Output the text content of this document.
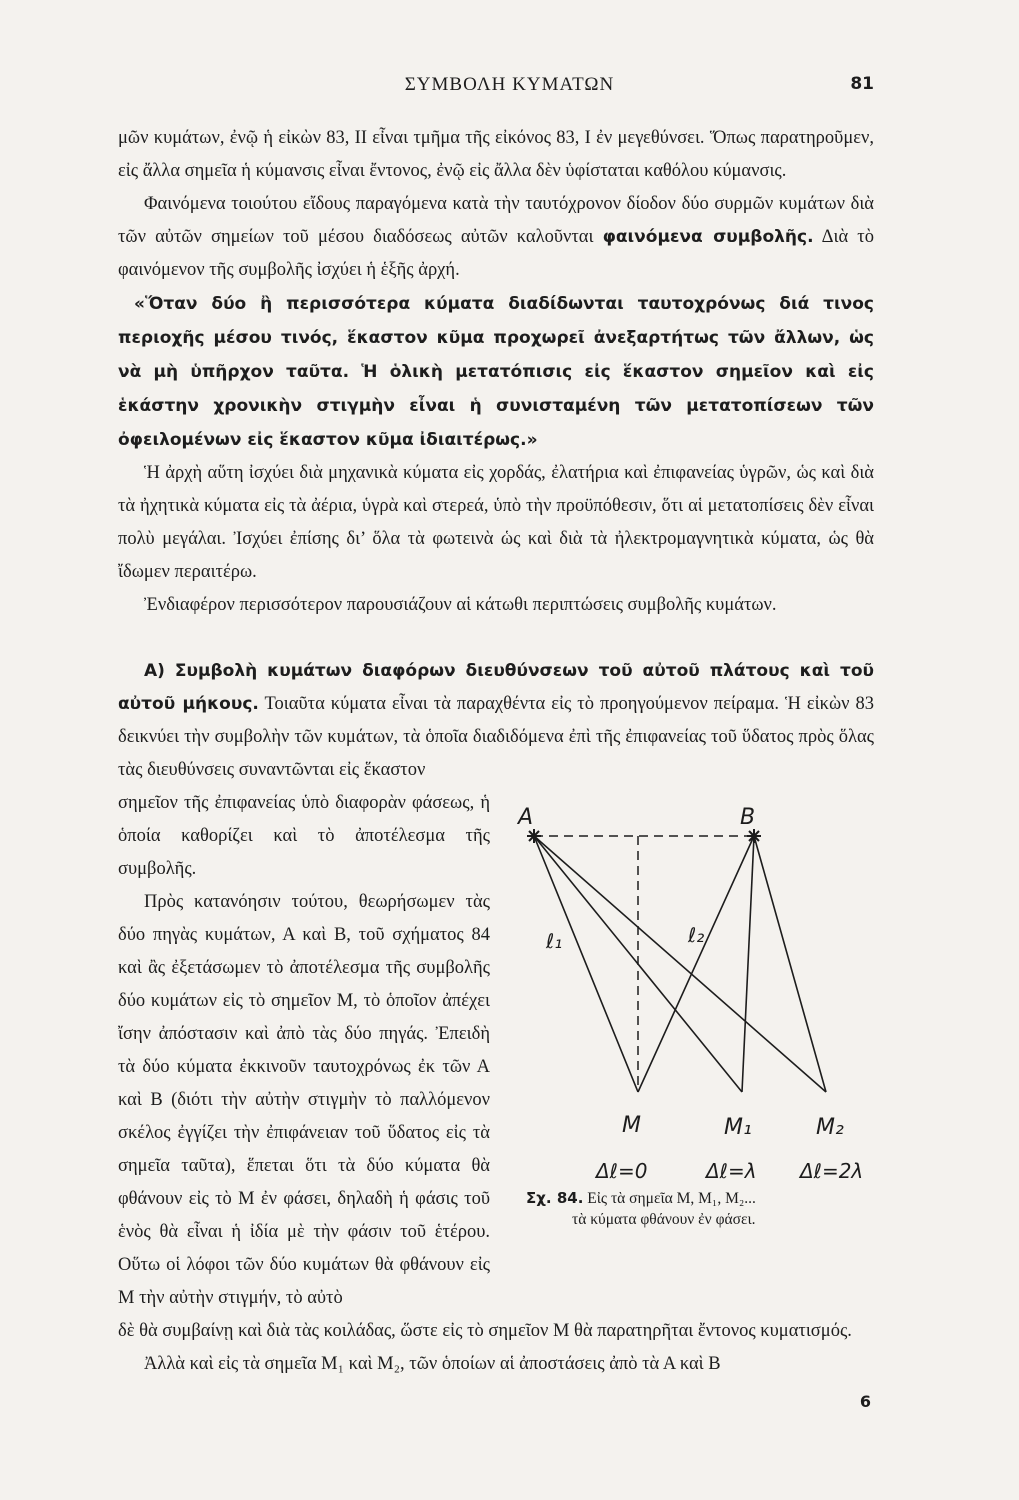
ΣΥΜΒΟΛΗ ΚΥΜΑΤΩΝ	81

μῶν κυμάτων, ἐνῷ ἡ εἰκὼν 83, ΙΙ εἶναι τμῆμα τῆς εἰκόνος 83, Ι ἐν μεγεθύνσει. Ὅπως παρατηροῦμεν, εἰς ἄλλα σημεῖα ἡ κύμανσις εἶναι ἔντονος, ἐνῷ εἰς ἄλλα δὲν ὑφίσταται καθόλου κύμανσις.

Φαινόμενα τοιούτου εἴδους παραγόμενα κατὰ τὴν ταυτόχρονον δίοδον δύο συρμῶν κυμάτων διὰ τῶν αὐτῶν σημείων τοῦ μέσου διαδόσεως αὐτῶν καλοῦνται φαινόμενα συμβολῆς. Διὰ τὸ φαινόμενον τῆς συμβολῆς ἰσχύει ἡ ἑξῆς ἀρχή.

«Ὅταν δύο ἢ περισσότερα κύματα διαδίδωνται ταυτοχρόνως διά τινος περιοχῆς μέσου τινός, ἕκαστον κῦμα προχωρεῖ ἀνεξαρτήτως τῶν ἄλλων, ὡς νὰ μὴ ὑπῆρχον ταῦτα. Ἡ ὁλικὴ μετατόπισις εἰς ἕκαστον σημεῖον καὶ εἰς ἑκάστην χρονικὴν στιγμὴν εἶναι ἡ συνισταμένη τῶν μετατοπίσεων τῶν ὀφειλομένων εἰς ἕκαστον κῦμα ἰδιαιτέρως.»

Ἡ ἀρχὴ αὕτη ἰσχύει διὰ μηχανικὰ κύματα εἰς χορδάς, ἐλατήρια καὶ ἐπιφανείας ὑγρῶν, ὡς καὶ διὰ τὰ ἠχητικὰ κύματα εἰς τὰ ἀέρια, ὑγρὰ καὶ στερεά, ὑπὸ τὴν προϋπόθεσιν, ὅτι αἱ μετατοπίσεις δὲν εἶναι πολὺ μεγάλαι. Ἰσχύει ἐπίσης δι’ ὅλα τὰ φωτεινὰ ὡς καὶ διὰ τὰ ἠλεκτρομαγνητικὰ κύματα, ὡς θὰ ἴδωμεν περαιτέρω.

Ἐνδιαφέρον περισσότερον παρουσιάζουν αἱ κάτωθι περιπτώσεις συμβολῆς κυμάτων.

Α) Συμβολὴ κυμάτων διαφόρων διευθύνσεων τοῦ αὐτοῦ πλάτους καὶ τοῦ αὐτοῦ μήκους. Τοιαῦτα κύματα εἶναι τὰ παραχθέντα εἰς τὸ προηγούμενον πείραμα. Ἡ εἰκὼν 83 δεικνύει τὴν συμβολὴν τῶν κυμάτων, τὰ ὁποῖα διαδιδόμενα ἐπὶ τῆς ἐπιφανείας τοῦ ὕδατος πρὸς ὅλας τὰς διευθύνσεις συναντῶνται εἰς ἕκαστον

σημεῖον τῆς ἐπιφανείας ὑπὸ διαφορὰν φάσεως, ἡ ὁποία καθορίζει καὶ τὸ ἀποτέλεσμα τῆς συμβολῆς.

Πρὸς κατανόησιν τούτου, θεωρήσωμεν τὰς δύο πηγὰς κυμάτων, Α καὶ Β, τοῦ σχήματος 84 καὶ ἂς ἐξετάσωμεν τὸ ἀποτέλεσμα τῆς συμβολῆς δύο κυμάτων εἰς τὸ σημεῖον Μ, τὸ ὁποῖον ἀπέχει ἴσην ἀπόστασιν καὶ ἀπὸ τὰς δύο πηγάς. Ἐπειδὴ τὰ δύο κύματα ἐκκινοῦν ταυτοχρόνως ἐκ τῶν Α καὶ Β (διότι τὴν αὐτὴν στιγμὴν τὸ παλλόμενον σκέλος ἐγγίζει τὴν ἐπιφάνειαν τοῦ ὕδατος εἰς τὰ σημεῖα ταῦτα), ἕπεται ὅτι τὰ δύο κύματα θὰ φθάνουν εἰς τὸ Μ ἐν φάσει, δηλαδὴ ἡ φάσις τοῦ ἑνὸς θὰ εἶναι ἡ ἰδία μὲ τὴν φάσιν τοῦ ἑτέρου. Οὕτω οἱ λόφοι τῶν δύο κυμάτων θὰ φθάνουν εἰς Μ τὴν αὐτὴν στιγμήν, τὸ αὐτὸ

δὲ θὰ συμβαίνῃ καὶ διὰ τὰς κοιλάδας, ὥστε εἰς τὸ σημεῖον Μ θὰ παρατηρῆται ἔντονος κυματισμός.

Ἀλλὰ καὶ εἰς τὰ σημεῖα Μ₁ καὶ Μ₂, τῶν ὁποίων αἱ ἀποστάσεις ἀπὸ τὰ Α καὶ Β

A	B
ℓ₁	ℓ₂
M	M₁	M₂
Δℓ=0	Δℓ=λ Δℓ=2λ
Σχ. 84. Εἰς τὰ σημεῖα Μ, Μ₁, Μ₂...
τὰ κύματα φθάνουν ἐν φάσει.
6
